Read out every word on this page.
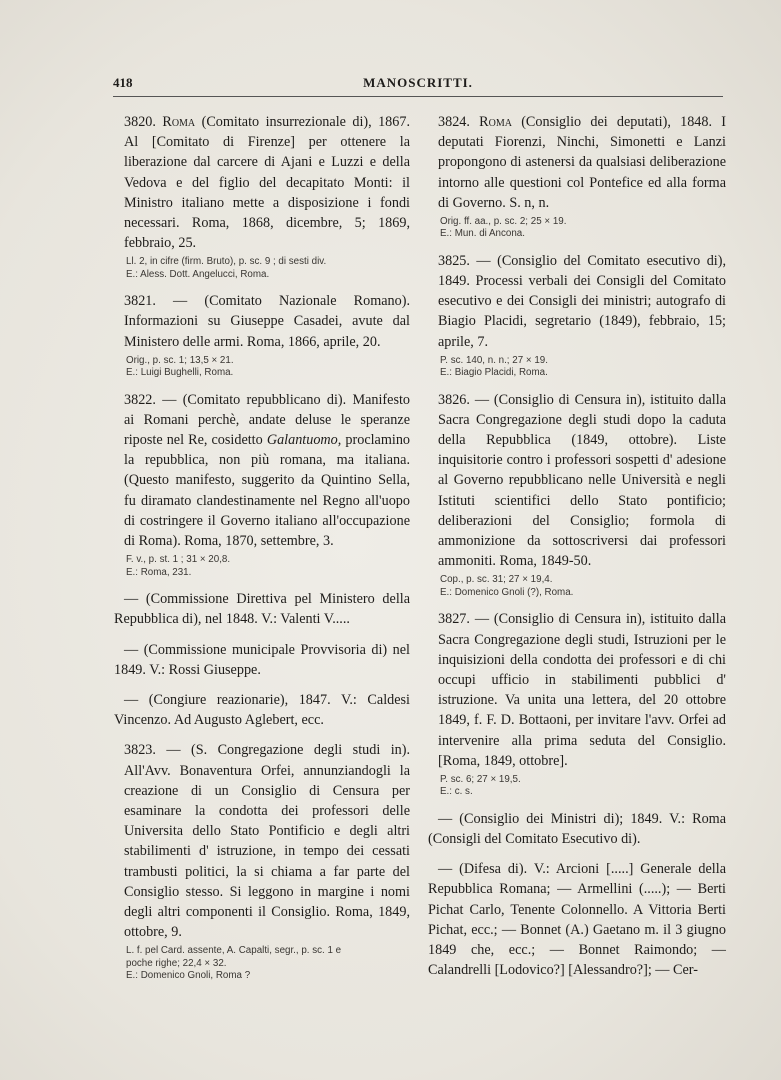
418	MANOSCRITTI.
3820. Roma (Comitato insurrezionale di), 1867. Al [Comitato di Firenze] per ottenere la liberazione dal carcere di Ajani e Luzzi e della Vedova e del figlio del decapitato Monti: il Ministro italiano mette a disposizione i fondi necessari. Roma, 1868, dicembre, 5; 1869, febbraio, 25.
Ll. 2, in cifre (firm. Bruto), p. sc. 9 ; di sesti div.
E.: Aless. Dott. Angelucci, Roma.
3821. — (Comitato Nazionale Romano). Informazioni su Giuseppe Casadei, avute dal Ministero delle armi. Roma, 1866, aprile, 20.
Orig., p. sc. 1; 13,5 × 21.
E.: Luigi Bughelli, Roma.
3822. — (Comitato repubblicano di). Manifesto ai Romani perchè, andate deluse le speranze riposte nel Re, cosidetto Galantuomo, proclamino la repubblica, non più romana, ma italiana. (Questo manifesto, suggerito da Quintino Sella, fu diramato clandestinamente nel Regno all'uopo di costringere il Governo italiano all'occupazione di Roma). Roma, 1870, settembre, 3.
F. v., p. st. 1 ; 31 × 20,8.
E.: Roma, 231.
— (Commissione Direttiva pel Ministero della Repubblica di), nel 1848. V.: Valenti V.....
— (Commissione municipale Provvisoria di) nel 1849. V.: Rossi Giuseppe.
— (Congiure reazionarie), 1847. V.: Caldesi Vincenzo. Ad Augusto Aglebert, ecc.
3823. — (S. Congregazione degli studi in). All'Avv. Bonaventura Orfei, annunziandogli la creazione di un Consiglio di Censura per esaminare la condotta dei professori delle Universita dello Stato Pontificio e degli altri stabilimenti d' istruzione, in tempo dei cessati trambusti politici, la si chiama a far parte del Consiglio stesso. Si leggono in margine i nomi degli altri componenti il Consiglio. Roma, 1849, ottobre, 9.
L. f. pel Card. assente, A. Capalti, segr., p. sc. 1 e
poche righe; 22,4 × 32.
E.: Domenico Gnoli, Roma ?
3824. Roma (Consiglio dei deputati), 1848. I deputati Fiorenzi, Ninchi, Simonetti e Lanzi propongono di astenersi da qualsiasi deliberazione intorno alle questioni col Pontefice ed alla forma di Governo. S. n, n.
Orig. ff. aa., p. sc. 2; 25 × 19.
E.: Mun. di Ancona.
3825. — (Consiglio del Comitato esecutivo di), 1849. Processi verbali dei Consigli del Comitato esecutivo e dei Consigli dei ministri; autografo di Biagio Placidi, segretario (1849), febbraio, 15; aprile, 7.
P. sc. 140, n. n.; 27 × 19.
E.: Biagio Placidi, Roma.
3826. — (Consiglio di Censura in), istituito dalla Sacra Congregazione degli studi dopo la caduta della Repubblica (1849, ottobre). Liste inquisitorie contro i professori sospetti d' adesione al Governo repubblicano nelle Università e negli Istituti scientifici dello Stato pontificio; deliberazioni del Consiglio; formola di ammonizione da sottoscriversi dai professori ammoniti. Roma, 1849-50.
Cop., p. sc. 31; 27 × 19,4.
E.: Domenico Gnoli (?), Roma.
3827. — (Consiglio di Censura in), istituito dalla Sacra Congregazione degli studi, Istruzioni per le inquisizioni della condotta dei professori e di chi occupi ufficio in stabilimenti pubblici d' istruzione. Va unita una lettera, del 20 ottobre 1849, f. F. D. Bottaoni, per invitare l'avv. Orfei ad intervenire alla prima seduta del Consiglio. [Roma, 1849, ottobre].
P. sc. 6; 27 × 19,5.
E.: c. s.
— (Consiglio dei Ministri di); 1849. V.: Roma (Consigli del Comitato Esecutivo di).
— (Difesa di). V.: Arcioni [.....] Generale della Repubblica Romana; — Armellini (.....); — Berti Pichat Carlo, Tenente Colonnello. A Vittoria Berti Pichat, ecc.; — Bonnet (A.) Gaetano m. il 3 giugno 1849 che, ecc.; — Bonnet Raimondo; — Calandrelli [Lodovico?] [Alessandro?]; — Cer-
